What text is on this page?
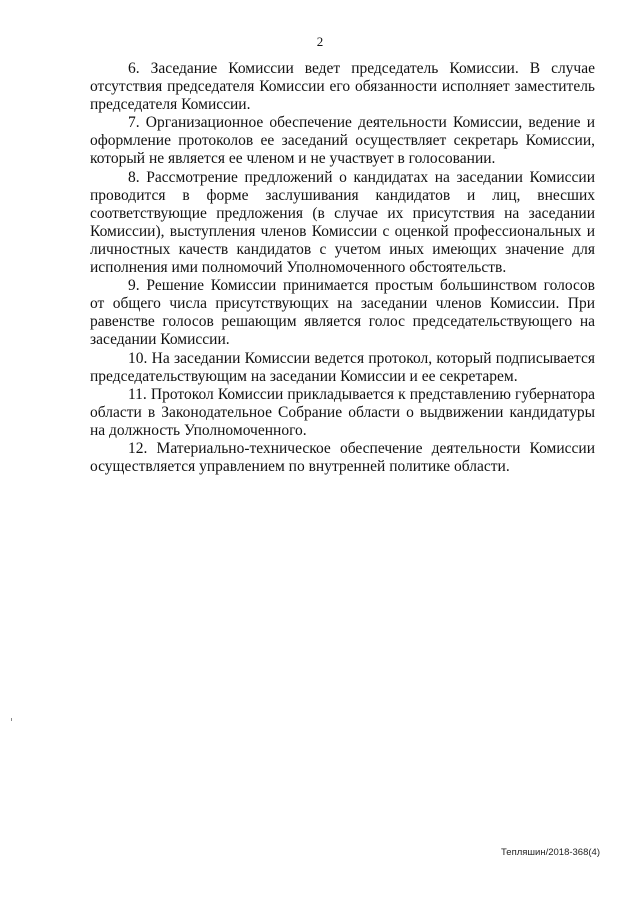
2

6. Заседание Комиссии ведет председатель Комиссии. В случае отсутствия председателя Комиссии его обязанности исполняет заместитель председателя Комиссии.

7. Организационное обеспечение деятельности Комиссии, ведение и оформление протоколов ее заседаний осуществляет секретарь Комиссии, который не является ее членом и не участвует в голосовании.

8. Рассмотрение предложений о кандидатах на заседании Комиссии проводится в форме заслушивания кандидатов и лиц, внесших соответствующие предложения (в случае их присутствия на заседании Комиссии), выступления членов Комиссии с оценкой профессиональных и личностных качеств кандидатов с учетом иных имеющих значение для исполнения ими полномочий Уполномоченного обстоятельств.

9. Решение Комиссии принимается простым большинством голосов от общего числа присутствующих на заседании членов Комиссии. При равенстве голосов решающим является голос председательствующего на заседании Комиссии.

10. На заседании Комиссии ведется протокол, который подписывается председательствующим на заседании Комиссии и ее секретарем.

11. Протокол Комиссии прикладывается к представлению губернатора области в Законодательное Собрание области о выдвижении кандидатуры на должность Уполномоченного.

12. Материально-техническое обеспечение деятельности Комиссии осуществляется управлением по внутренней политике области.

Тепляшин/2018-368(4)
